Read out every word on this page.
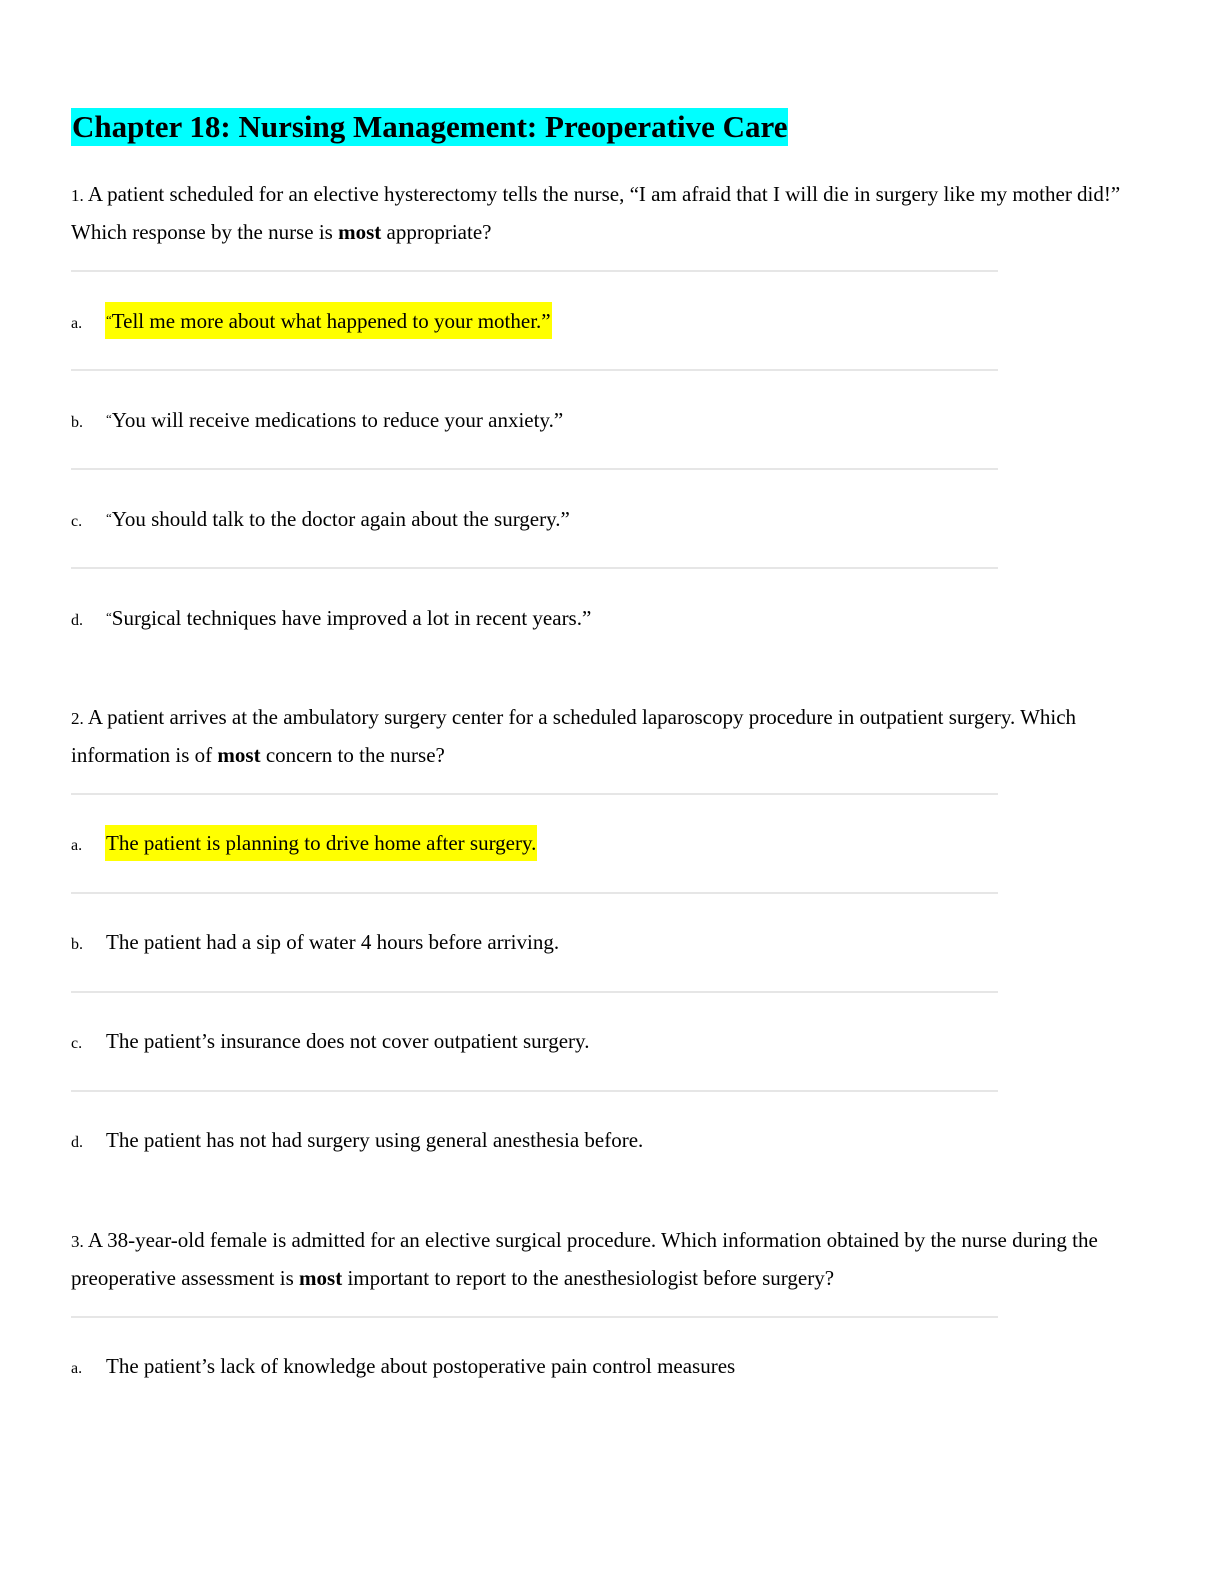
Chapter 18: Nursing Management: Preoperative Care
1. A patient scheduled for an elective hysterectomy tells the nurse, “I am afraid that I will die in surgery like my mother did!” Which response by the nurse is most appropriate?
a. “Tell me more about what happened to your mother.”
b. “You will receive medications to reduce your anxiety.”
c. “You should talk to the doctor again about the surgery.”
d. “Surgical techniques have improved a lot in recent years.”
2. A patient arrives at the ambulatory surgery center for a scheduled laparoscopy procedure in outpatient surgery. Which information is of most concern to the nurse?
a. The patient is planning to drive home after surgery.
b. The patient had a sip of water 4 hours before arriving.
c. The patient’s insurance does not cover outpatient surgery.
d. The patient has not had surgery using general anesthesia before.
3. A 38-year-old female is admitted for an elective surgical procedure. Which information obtained by the nurse during the preoperative assessment is most important to report to the anesthesiologist before surgery?
a. The patient’s lack of knowledge about postoperative pain control measures
